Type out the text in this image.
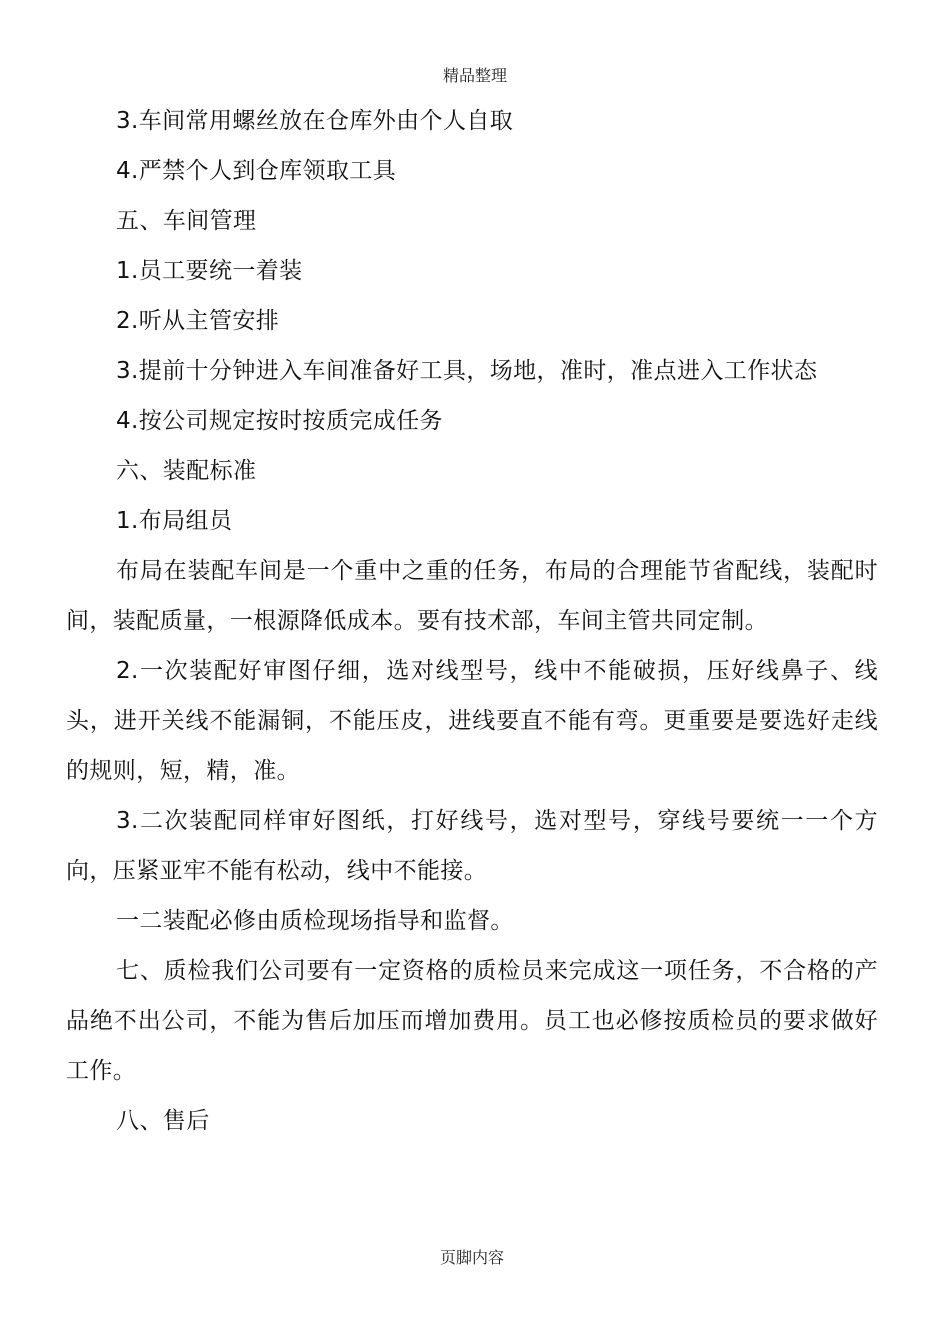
精品整理
3.车间常用螺丝放在仓库外由个人自取
4.严禁个人到仓库领取工具
五、车间管理
1.员工要统一着装
2.听从主管安排
3.提前十分钟进入车间准备好工具，场地，准时，准点进入工作状态
4.按公司规定按时按质完成任务
六、装配标准
1.布局组员
布局在装配车间是一个重中之重的任务，布局的合理能节省配线，装配时间，装配质量，一根源降低成本。要有技术部，车间主管共同定制。
2.一次装配好审图仔细，选对线型号，线中不能破损，压好线鼻子、线头，进开关线不能漏铜，不能压皮，进线要直不能有弯。更重要是要选好走线的规则，短，精，准。
3.二次装配同样审好图纸，打好线号，选对型号，穿线号要统一一个方向，压紧亚牢不能有松动，线中不能接。
一二装配必修由质检现场指导和监督。
七、质检我们公司要有一定资格的质检员来完成这一项任务，不合格的产品绝不出公司，不能为售后加压而增加费用。员工也必修按质检员的要求做好工作。
八、售后
页脚内容
